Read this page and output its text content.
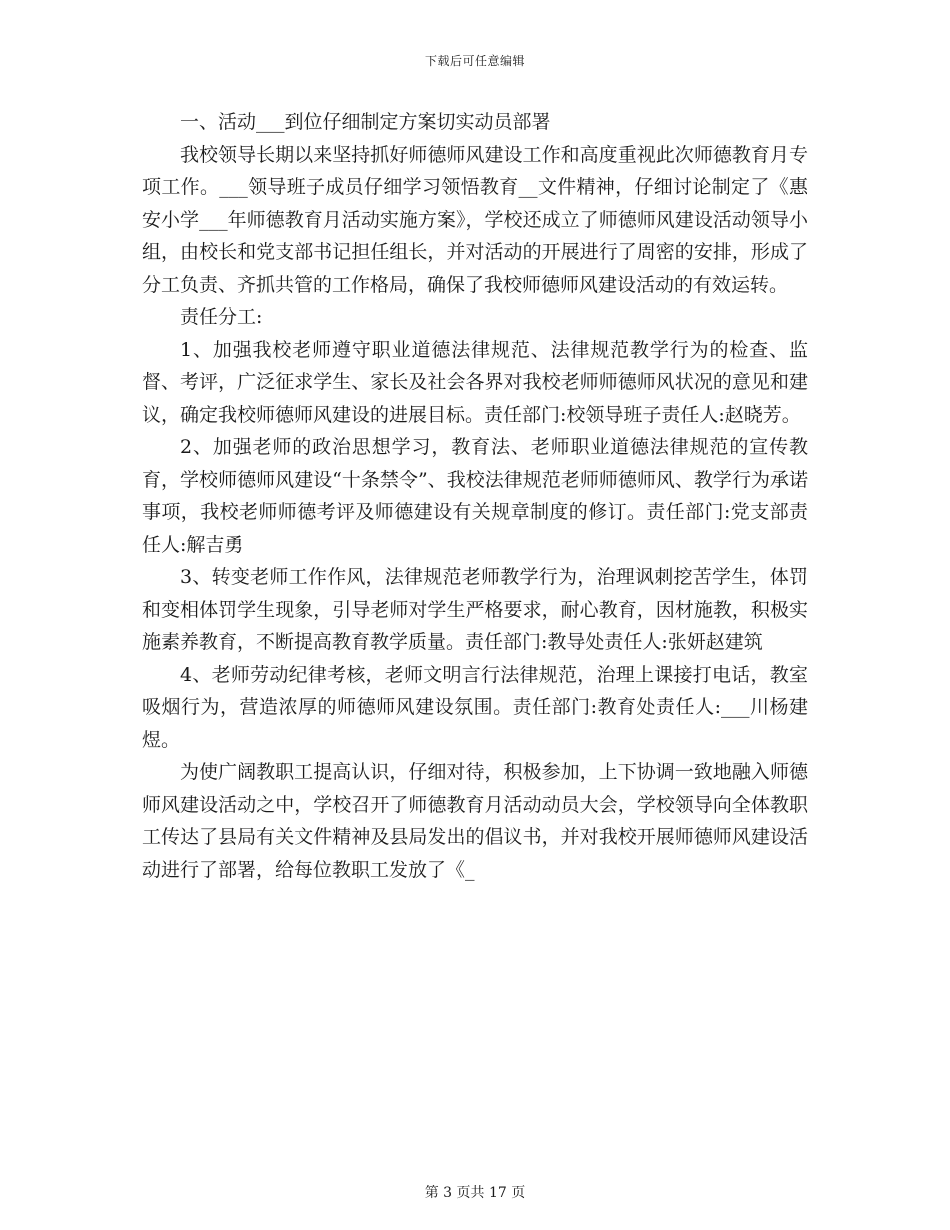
下载后可任意编辑

一、活动___到位仔细制定方案切实动员部署

我校领导长期以来坚持抓好师德师风建设工作和高度重视此次师德教育月专项工作。___领导班子成员仔细学习领悟教育__文件精神，仔细讨论制定了《惠安小学___年师德教育月活动实施方案》，学校还成立了师德师风建设活动领导小组，由校长和党支部书记担任组长，并对活动的开展进行了周密的安排，形成了分工负责、齐抓共管的工作格局，确保了我校师德师风建设活动的有效运转。

责任分工:

1、加强我校老师遵守职业道德法律规范、法律规范教学行为的检查、监督、考评，广泛征求学生、家长及社会各界对我校老师师德师风状况的意见和建议，确定我校师德师风建设的进展目标。责任部门:校领导班子责任人:赵晓芳。

2、加强老师的政治思想学习，教育法、老师职业道德法律规范的宣传教育，学校师德师风建设“十条禁令”、我校法律规范老师师德师风、教学行为承诺事项，我校老师师德考评及师德建设有关规章制度的修订。责任部门:党支部责任人:解吉勇

3、转变老师工作作风，法律规范老师教学行为，治理讽刺挖苦学生，体罚和变相体罚学生现象，引导老师对学生严格要求，耐心教育，因材施教，积极实施素养教育，不断提高教育教学质量。责任部门:教导处责任人:张妍赵建筑

4、老师劳动纪律考核，老师文明言行法律规范，治理上课接打电话，教室吸烟行为，营造浓厚的师德师风建设氛围。责任部门:教育处责任人:___川杨建煜。

为使广阔教职工提高认识，仔细对待，积极参加，上下协调一致地融入师德师风建设活动之中，学校召开了师德教育月活动动员大会，学校领导向全体教职工传达了县局有关文件精神及县局发出的倡议书，并对我校开展师德师风建设活动进行了部署，给每位教职工发放了《_

第 3 页共 17 页
